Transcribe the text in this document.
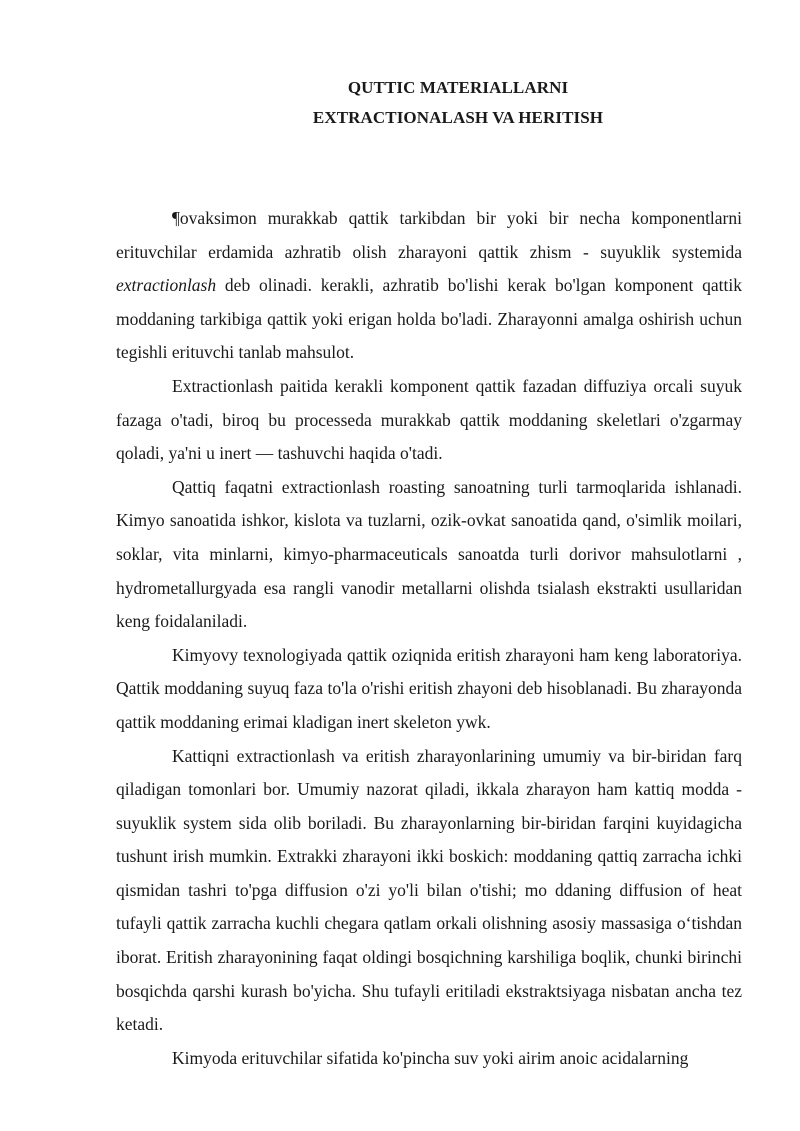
QUTTIC MATERIALLARNI
EXTRACTIONALASH VA HERITISH

¶ovaksimon murakkab qattik tarkibdan bir yoki bir necha komponentlarni erituvchilar erdamida azhratib olish zharayoni qattik zhism - suyuklik systemida extractionlash deb olinadi. kerakli, azhratib bo'lishi kerak bo'lgan komponent qattik moddaning tarkibiga qattik yoki erigan holda bo'ladi. Zharayonni amalga oshirish uchun tegishli erituvchi tanlab mahsulot.

Extractionlash paitida kerakli komponent qattik fazadan diffuziya orcali suyuk fazaga o'tadi, biroq bu processeda murakkab qattik moddaning skeletlari o'zgarmay qoladi, ya'ni u inert — tashuvchi haqida o'tadi.

Qattiq faqatni extractionlash roasting sanoatning turli tarmoqlarida ishlanadi. Kimyo sanoatida ishkor, kislota va tuzlarni, ozik-ovkat sanoatida qand, o'simlik moilari, soklar, vita minlarni, kimyo-pharmaceuticals sanoatda turli dorivor mahsulotlarni , hydrometallurgyada esa rangli vanodir metallarni olishda tsialash ekstrakti usullaridan keng foidalaniladi.

Kimyovy texnologiyada qattik oziqnida eritish zharayoni ham keng laboratoriya. Qattik moddaning suyuq faza to'la o'rishi eritish zhayoni deb hisoblanadi. Bu zharayonda qattik moddaning erimai kladigan inert skeleton ywk.

Kattiqni extractionlash va eritish zharayonlarining umumiy va bir-biridan farq qiladigan tomonlari bor. Umumiy nazorat qiladi, ikkala zharayon ham kattiq modda - suyuklik system sida olib boriladi. Bu zharayonlarning bir-biridan farqini kuyidagicha tushunt irish mumkin. Extrakki zharayoni ikki boskich: moddaning qattiq zarracha ichki qismidan tashri to'pga diffusion o'zi yo'li bilan o'tishi; mo ddaning diffusion of heat tufayli qattik zarracha kuchli chegara qatlam orkali olishning asosiy massasiga o‘tishdan iborat. Eritish zharayonining faqat oldingi bosqichning karshiliga boqlik, chunki birinchi bosqichda qarshi kurash bo'yicha. Shu tufayli eritiladi ekstraktsiyaga nisbatan ancha tez ketadi.

Kimyoda erituvchilar sifatida ko'pincha suv yoki airim anoic acidalarning
